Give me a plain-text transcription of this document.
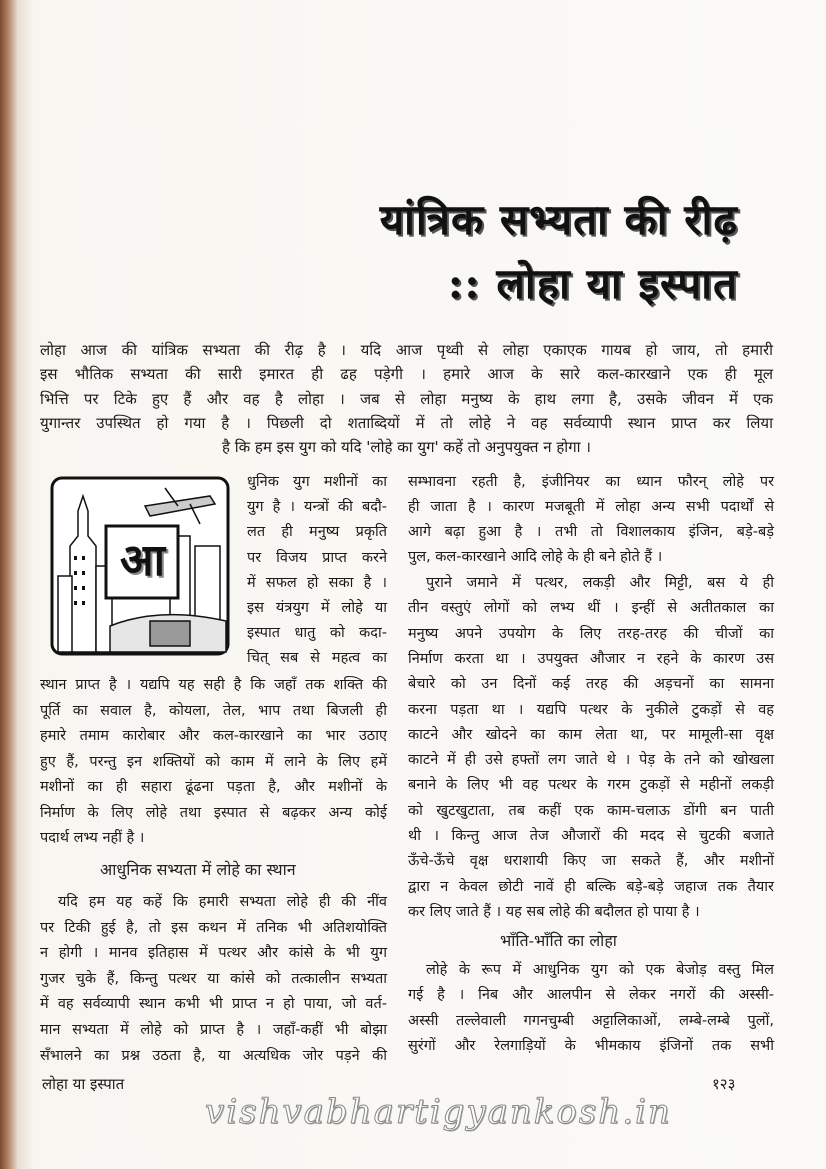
यांत्रिक सभ्यता की रीढ़
:: लोहा या इस्पात
लोहा आज की यांत्रिक सभ्यता की रीढ़ है । यदि आज पृथ्वी से लोहा एकाएक गायब हो जाय, तो हमारी
इस भौतिक सभ्यता की सारी इमारत ही ढह पड़ेगी । हमारे आज के सारे कल-कारखाने एक ही मूल
भित्ति पर टिके हुए हैं और वह है लोहा । जब से लोहा मनुष्य के हाथ लगा है, उसके जीवन में एक
युगान्तर उपस्थित हो गया है । पिछली दो शताब्दियों में तो लोहे ने वह सर्वव्यापी स्थान प्राप्त कर लिया
है कि हम इस युग को यदि 'लोहे का युग' कहें तो अनुपयुक्त न होगा ।
आ
धुनिक युग मशीनों का
युग है । यन्त्रों की बदौ-
लत ही मनुष्य प्रकृति
पर विजय प्राप्त करने
में सफल हो सका है ।
इस यंत्रयुग में लोहे या
इस्पात धातु को कदा-
चित् सब से महत्व का
स्थान प्राप्त है । यद्यपि यह सही है कि जहाँ तक शक्ति की
पूर्ति का सवाल है, कोयला, तेल, भाप तथा बिजली ही
हमारे तमाम कारोबार और कल-कारखाने का भार उठाए
हुए हैं, परन्तु इन शक्तियों को काम में लाने के लिए हमें
मशीनों का ही सहारा ढूंढना पड़ता है, और मशीनों के
निर्माण के लिए लोहे तथा इस्पात से बढ़कर अन्य कोई
पदार्थ लभ्य नहीं है ।
आधुनिक सभ्यता में लोहे का स्थान
यदि हम यह कहें कि हमारी सभ्यता लोहे ही की नींव
पर टिकी हुई है, तो इस कथन में तनिक भी अतिशयोक्ति
न होगी । मानव इतिहास में पत्थर और कांसे के भी युग
गुजर चुके हैं, किन्तु पत्थर या कांसे को तत्कालीन सभ्यता
में वह सर्वव्यापी स्थान कभी भी प्राप्त न हो पाया, जो वर्त-
मान सभ्यता में लोहे को प्राप्त है । जहाँ-कहीं भी बोझा
सँभालने का प्रश्न उठता है, या अत्यधिक जोर पड़ने की
सम्भावना रहती है, इंजीनियर का ध्यान फौरन् लोहे पर
ही जाता है । कारण मजबूती में लोहा अन्य सभी पदार्थों से
आगे बढ़ा हुआ है । तभी तो विशालकाय इंजिन, बड़े-बड़े
पुल, कल-कारखाने आदि लोहे के ही बने होते हैं ।
पुराने जमाने में पत्थर, लकड़ी और मिट्टी, बस ये ही
तीन वस्तुएं लोगों को लभ्य थीं । इन्हीं से अतीतकाल का
मनुष्य अपने उपयोग के लिए तरह-तरह की चीजों का
निर्माण करता था । उपयुक्त औजार न रहने के कारण उस
बेचारे को उन दिनों कई तरह की अड़चनों का सामना
करना पड़ता था । यद्यपि पत्थर के नुकीले टुकड़ों से वह
काटने और खोदने का काम लेता था, पर मामूली-सा वृक्ष
काटने में ही उसे हफ्तों लग जाते थे । पेड़ के तने को खोखला
बनाने के लिए भी वह पत्थर के गरम टुकड़ों से महीनों लकड़ी
को खुटखुटाता, तब कहीं एक काम-चलाऊ डोंगी बन पाती
थी । किन्तु आज तेज औजारों की मदद से चुटकी बजाते
ऊँचे-ऊँचे वृक्ष धराशायी किए जा सकते हैं, और मशीनों
द्वारा न केवल छोटी नावें ही बल्कि बड़े-बड़े जहाज तक तैयार
कर लिए जाते हैं । यह सब लोहे की बदौलत हो पाया है ।
भाँति-भाँति का लोहा
लोहे के रूप में आधुनिक युग को एक बेजोड़ वस्तु मिल
गई है । निब और आलपीन से लेकर नगरों की अस्सी-
अस्सी तल्लेवाली गगनचुम्बी अट्टालिकाओं, लम्बे-लम्बे पुलों,
सुरंगों और रेलगाड़ियों के भीमकाय इंजिनों तक सभी
लोहा या इस्पात	१२३
vishvabhartigyankosh.in
